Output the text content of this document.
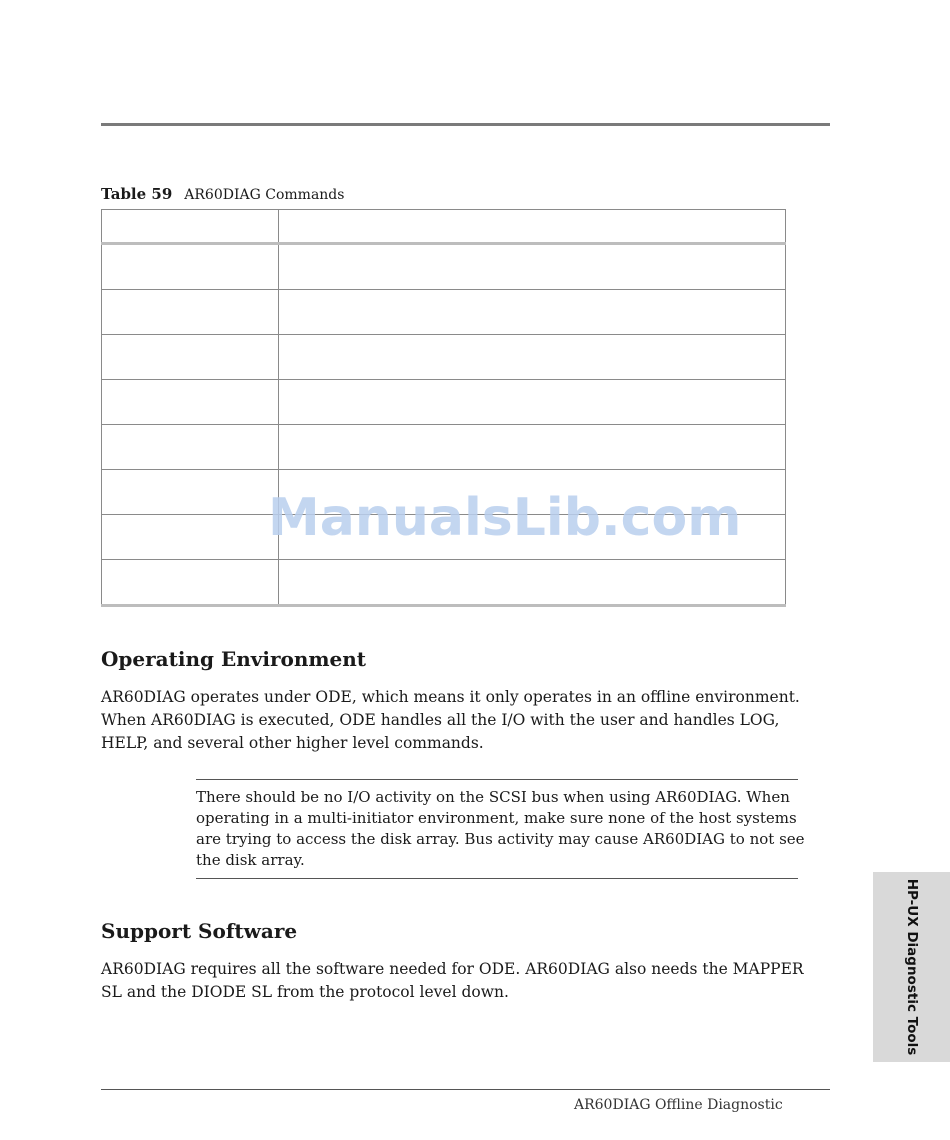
Table 59 AR60DIAG Commands

ManualsLib.com
Operating Environment

AR60DIAG operates under ODE, which means it only operates in an offline environment.
When AR60DIAG is executed, ODE handles all the I/O with the user and handles LOG,
HELP, and several other higher level commands.

There should be no I/O activity on the SCSI bus when using AR60DIAG. When
operating in a multi-initiator environment, make sure none of the host systems
are trying to access the disk array. Bus activity may cause AR60DIAG to not see
the disk array.

Support Software

AR60DIAG requires all the software needed for ODE. AR60DIAG also needs the MAPPER
SL and the DIODE SL from the protocol level down.	HP-UX Diagnostic Tools
AR60DIAG Offline Diagnostic
